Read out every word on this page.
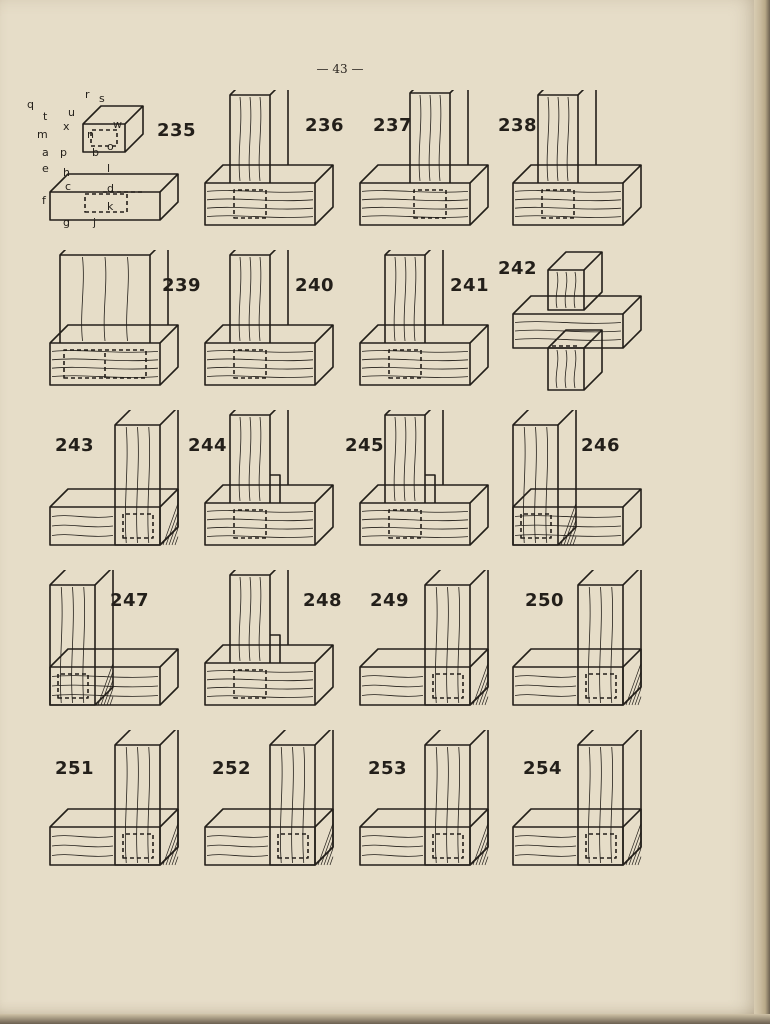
— 43 —
235
q
r s
t u
x	w
m	n
o
a p b
e h	l
c	d
f	k
g j
236 237	238
239	240	241
242
243	244	245	246
247	248 249	250
251	252	253	254
